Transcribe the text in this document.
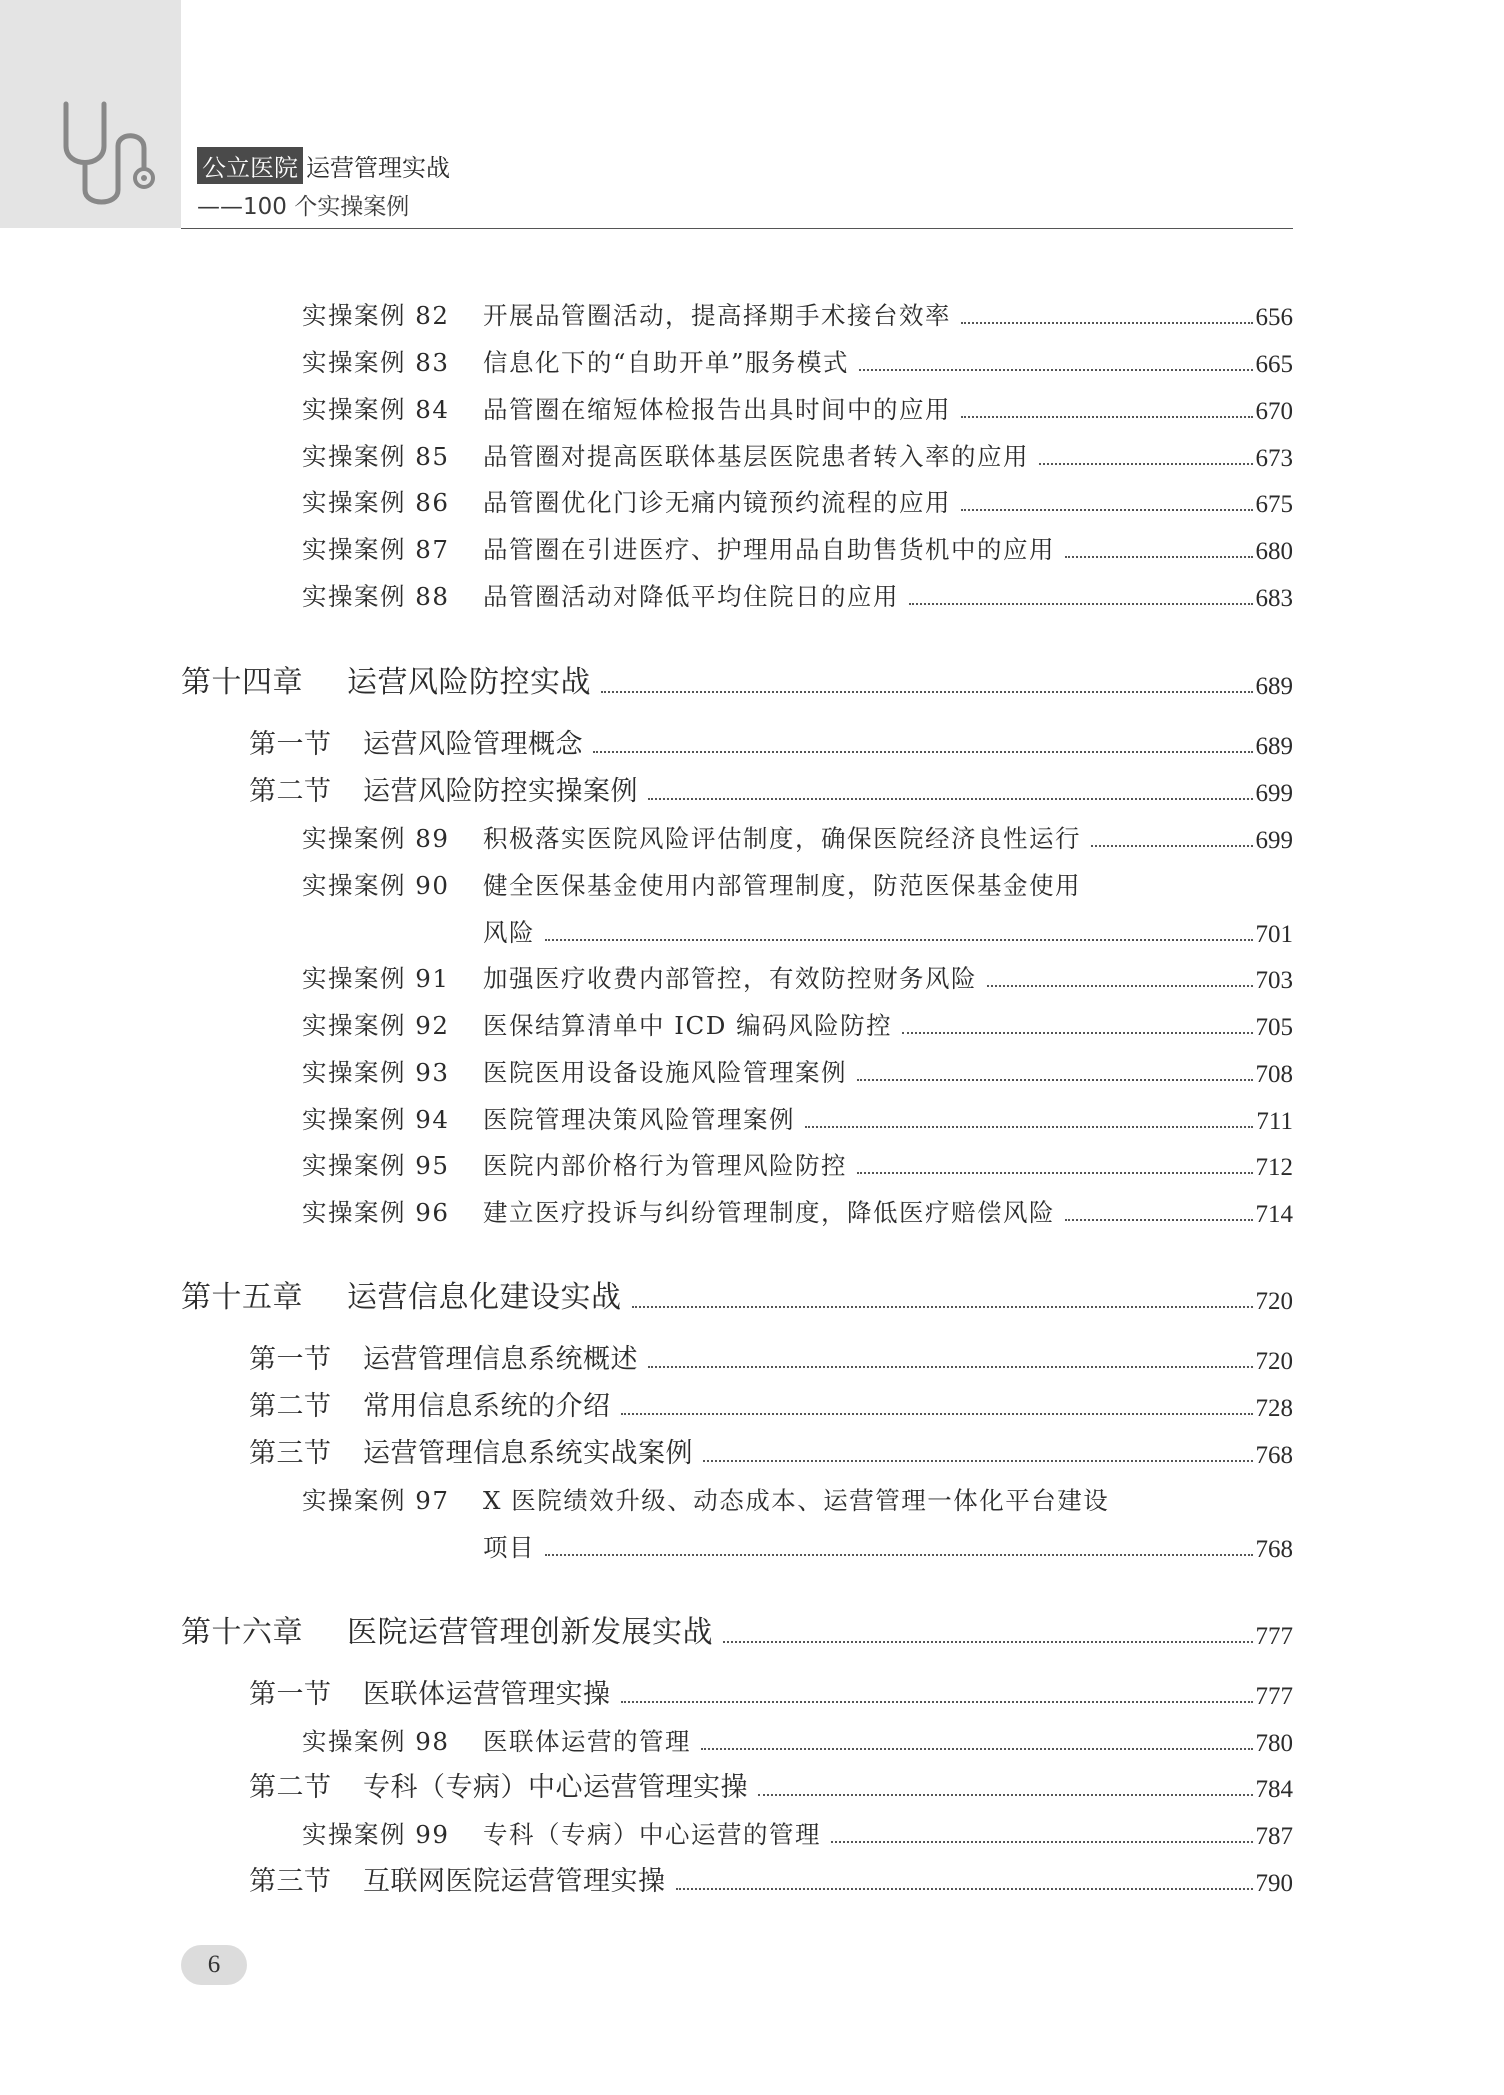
公立医院 运营管理实战
——100 个实操案例
实操案例 82	开展品管圈活动，提高择期手术接台效率	656
实操案例 83	信息化下的“自助开单”服务模式	665
实操案例 84	品管圈在缩短体检报告出具时间中的应用	670
实操案例 85	品管圈对提高医联体基层医院患者转入率的应用	673
实操案例 86	品管圈优化门诊无痛内镜预约流程的应用	675
实操案例 87	品管圈在引进医疗、护理用品自助售货机中的应用	680
实操案例 88	品管圈活动对降低平均住院日的应用	683
第十四章	运营风险防控实战	689
第一节	运营风险管理概念	689
第二节	运营风险防控实操案例	699
实操案例 89	积极落实医院风险评估制度，确保医院经济良性运行	699
实操案例 90	健全医保基金使用内部管理制度，防范医保基金使用
风险	701
实操案例 91	加强医疗收费内部管控，有效防控财务风险	703
实操案例 92	医保结算清单中 ICD 编码风险防控	705
实操案例 93	医院医用设备设施风险管理案例	708
实操案例 94	医院管理决策风险管理案例	711
实操案例 95	医院内部价格行为管理风险防控	712
实操案例 96	建立医疗投诉与纠纷管理制度，降低医疗赔偿风险	714
第十五章	运营信息化建设实战	720
第一节	运营管理信息系统概述	720
第二节	常用信息系统的介绍	728
第三节	运营管理信息系统实战案例	768
实操案例 97	X 医院绩效升级、动态成本、运营管理一体化平台建设
项目	768
第十六章	医院运营管理创新发展实战	777
第一节	医联体运营管理实操	777
实操案例 98	医联体运营的管理	780
第二节	专科（专病）中心运营管理实操	784
实操案例 99	专科（专病）中心运营的管理	787
第三节	互联网医院运营管理实操	790
6
